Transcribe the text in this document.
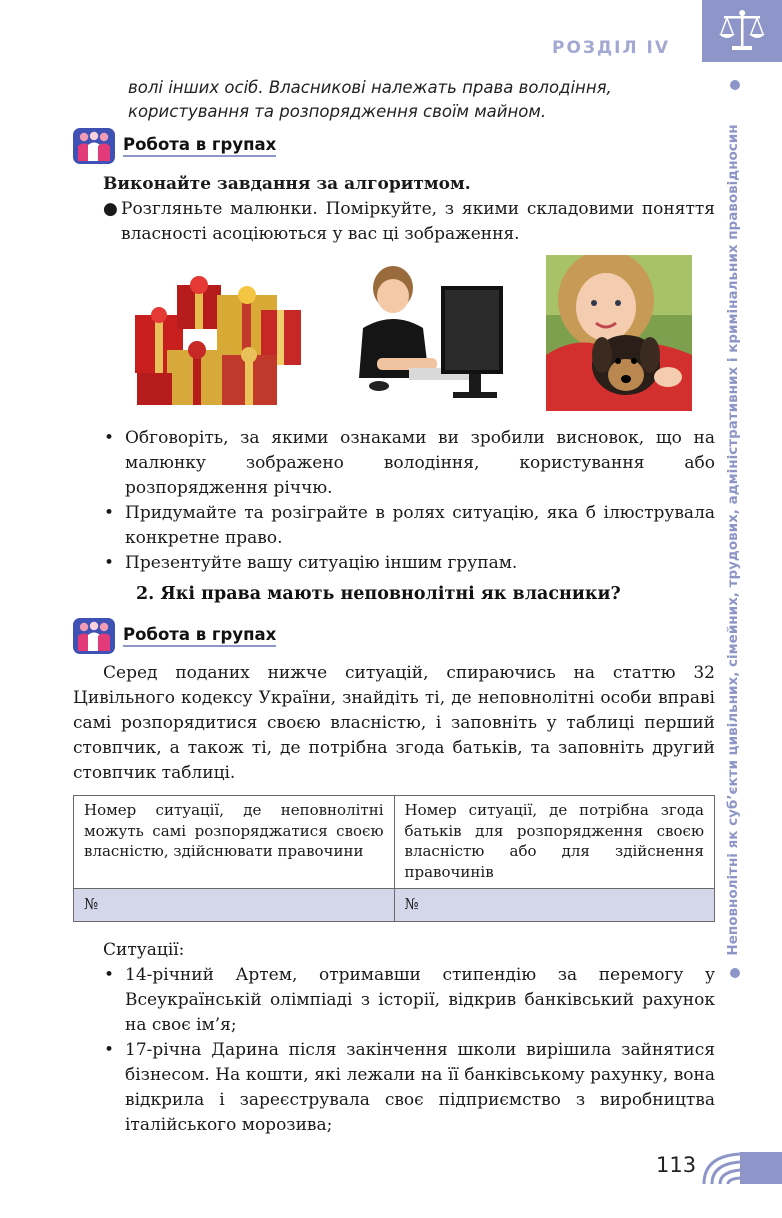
РОЗДІЛ IV
волі інших осіб. Власникові належать права володіння, користування та розпорядження своїм майном.
Робота в групах
Виконайте завдання за алгоритмом.
● Розгляньте малюнки. Поміркуйте, з якими складовими поняття власності асоціюються у вас ці зображення.
• Обговоріть, за якими ознаками ви зробили висновок, що на малюнку зображено володіння, користування або розпорядження річчю.
• Придумайте та розіграйте в ролях ситуацію, яка б ілюструвала конкретне право.
• Презентуйте вашу ситуацію іншим групам.
2. Які права мають неповнолітні як власники?
Робота в групах
Серед поданих нижче ситуацій, спираючись на статтю 32 Цивільного кодексу України, знайдіть ті, де неповнолітні особи вправі самі розпорядитися своєю власністю, і заповніть у таблиці перший стовпчик, а також ті, де потрібна згода батьків, та заповніть другий стовпчик таблиці.
Номер ситуації, де неповнолітні можуть самі розпоряджатися своєю власністю, здійснювати правочини	Номер ситуації, де потрібна згода батьків для розпорядження своєю власністю або для здійснення правочинів
№	№
Ситуації:
• 14-річний Артем, отримавши стипендію за перемогу у Всеукраїнській олімпіаді з історії, відкрив банківський рахунок на своє ім’я;
• 17-річна Дарина після закінчення школи вирішила зайнятися бізнесом. На кошти, які лежали на її банківському рахунку, вона відкрила і зареєструвала своє підприємство з виробництва італійського морозива;
Неповнолітні як суб’єкти цивільних, сімейних, трудових, адміністративних і кримінальних правовідносин
113
